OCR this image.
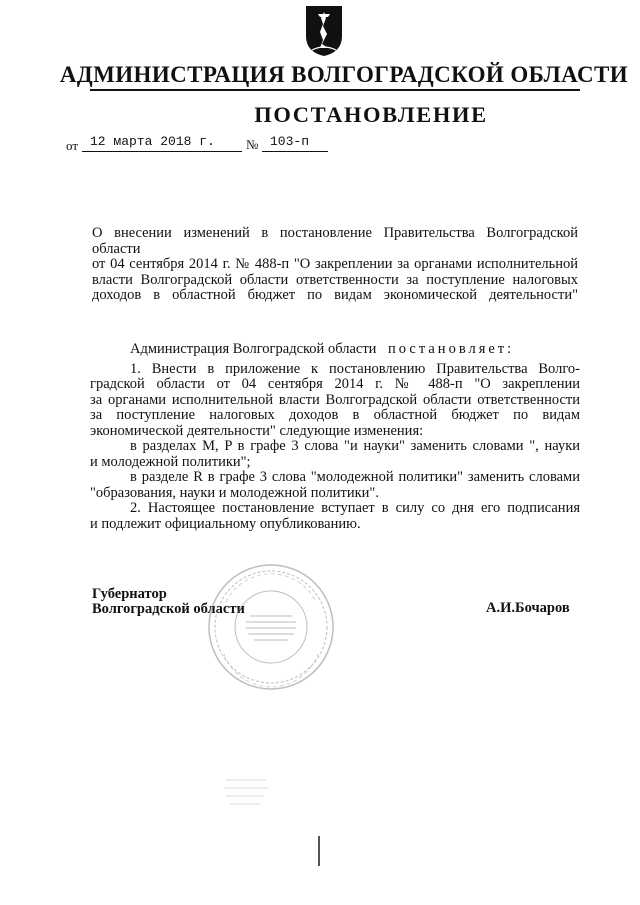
АДМИНИСТРАЦИЯ ВОЛГОГРАДСКОЙ ОБЛАСТИ
ПОСТАНОВЛЕНИЕ
от 12 марта 2018 г. № 103-п
О внесении изменений в постановление Правительства Волгоградской области
от 04 сентября 2014 г. № 488-п "О закреплении за органами исполнительной
власти Волгоградской области ответственности за поступление налоговых
доходов в областной бюджет по видам экономической деятельности"
Администрация Волгоградской области постановляет:
1. Внести в приложение к постановлению Правительства Волго-
градской области от 04 сентября 2014 г. № 488-п "О закреплении
за органами исполнительной власти Волгоградской области ответственности
за поступление налоговых доходов в областной бюджет по видам
экономической деятельности" следующие изменения:
в разделах M, P в графе 3 слова "и науки" заменить словами ", науки
и молодежной политики";
в разделе R в графе 3 слова "молодежной политики" заменить словами
"образования, науки и молодежной политики".
2. Настоящее постановление вступает в силу со дня его подписания
и подлежит официальному опубликованию.
Губернатор
Волгоградской области	А.И.Бочаров
